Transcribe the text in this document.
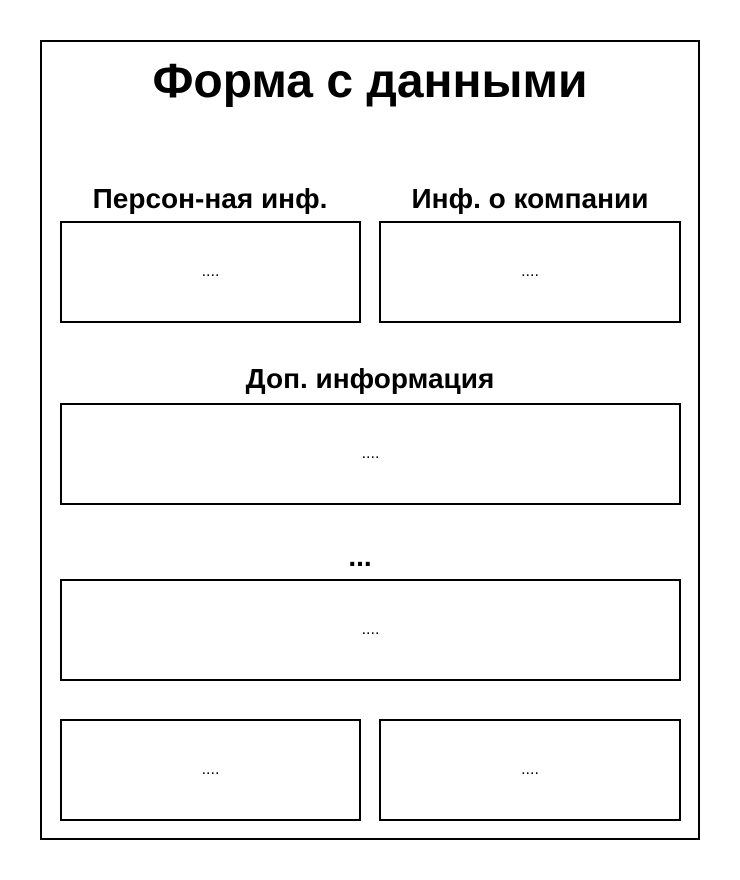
Форма с данными
Персон-ная инф.
....
Инф. о компании
....
Доп. информация
....
...
....
....	....
